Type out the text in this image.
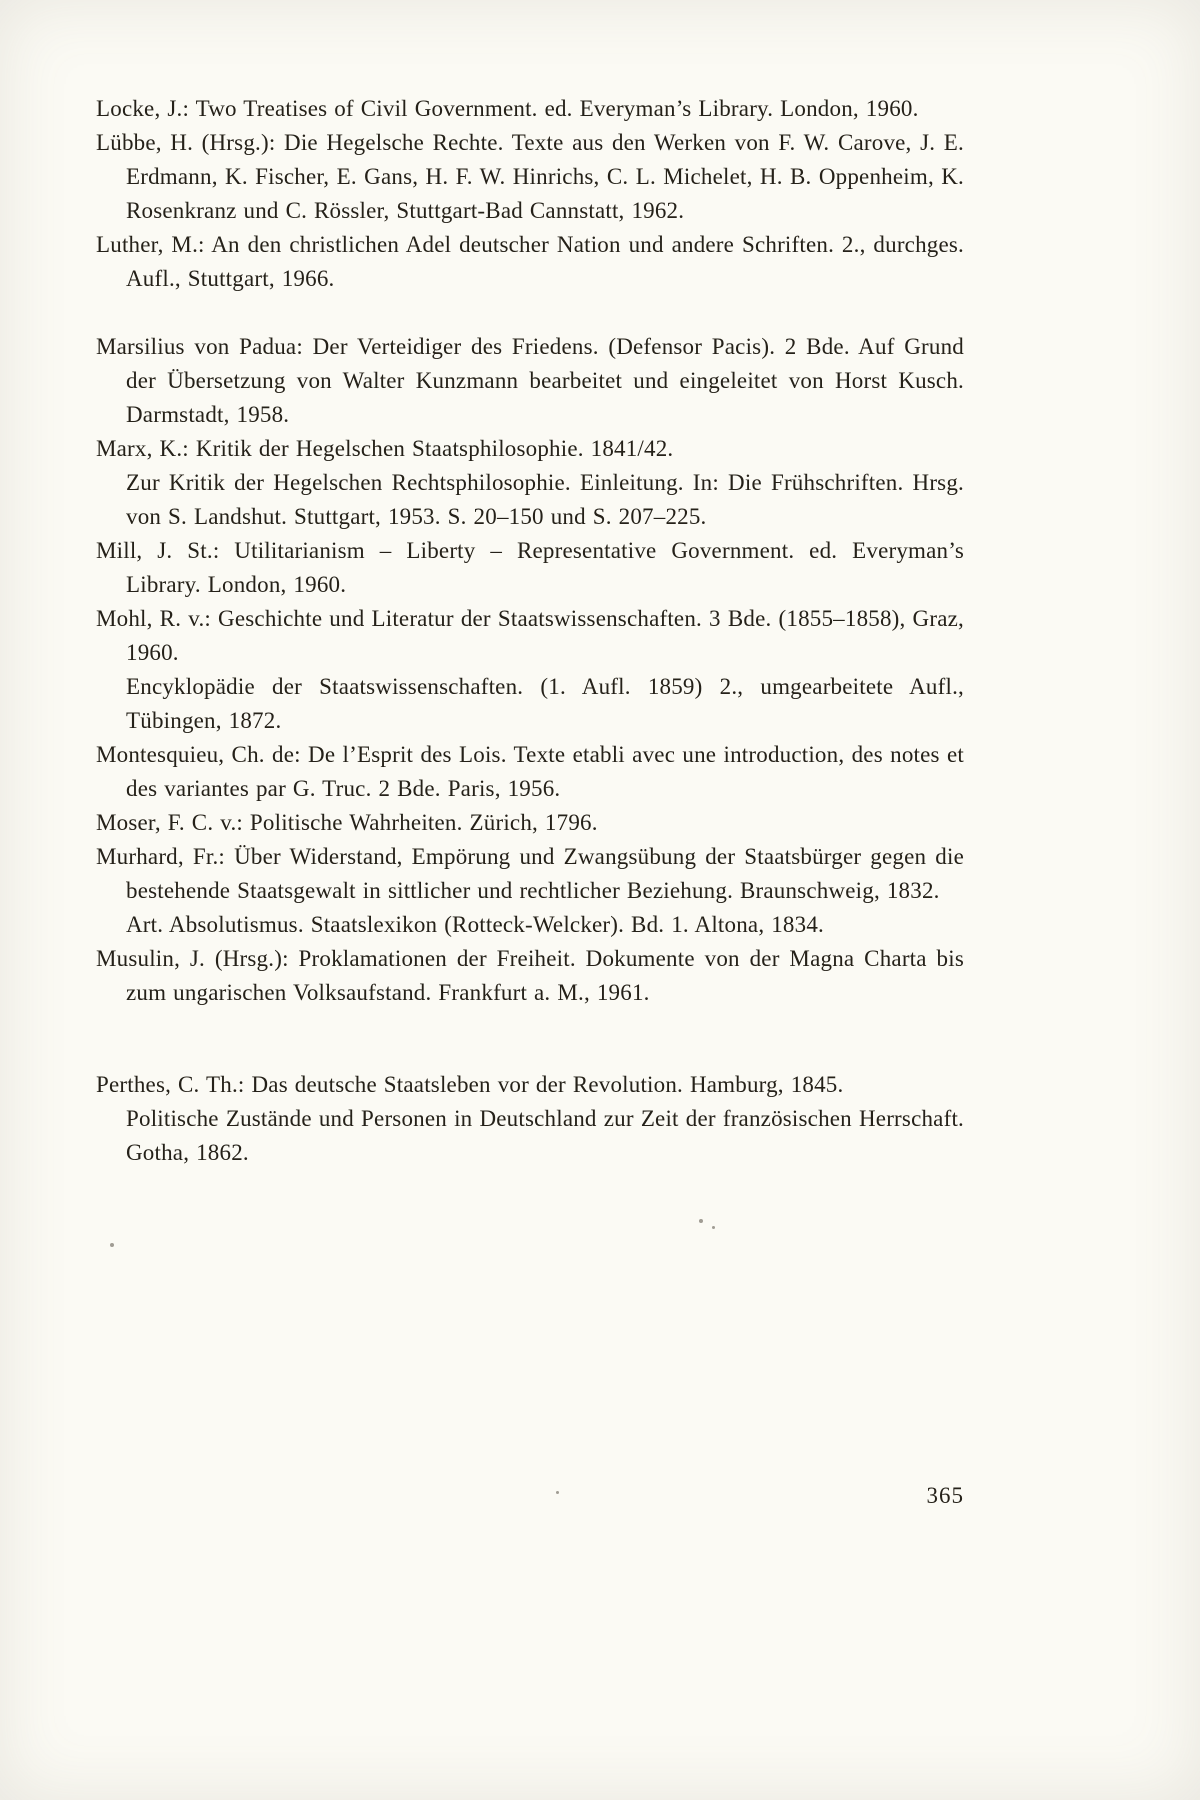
Locke, J.: Two Treatises of Civil Government. ed. Everyman’s Library. London, 1960.

Lübbe, H. (Hrsg.): Die Hegelsche Rechte. Texte aus den Werken von F. W. Carove, J. E. Erdmann, K. Fischer, E. Gans, H. F. W. Hinrichs, C. L. Michelet, H. B. Oppenheim, K. Rosenkranz und C. Rössler, Stuttgart-Bad Cannstatt, 1962.

Luther, M.: An den christlichen Adel deutscher Nation und andere Schriften. 2., durchges. Aufl., Stuttgart, 1966.

Marsilius von Padua: Der Verteidiger des Friedens. (Defensor Pacis). 2 Bde. Auf Grund der Übersetzung von Walter Kunzmann bearbeitet und eingeleitet von Horst Kusch. Darmstadt, 1958.

Marx, K.: Kritik der Hegelschen Staatsphilosophie. 1841/42.

Zur Kritik der Hegelschen Rechtsphilosophie. Einleitung. In: Die Frühschriften. Hrsg. von S. Landshut. Stuttgart, 1953. S. 20–150 und S. 207–225.

Mill, J. St.: Utilitarianism – Liberty – Representative Government. ed. Everyman’s Library. London, 1960.

Mohl, R. v.: Geschichte und Literatur der Staatswissenschaften. 3 Bde. (1855–1858), Graz, 1960.

Encyklopädie der Staatswissenschaften. (1. Aufl. 1859) 2., umgearbeitete Aufl., Tübingen, 1872.

Montesquieu, Ch. de: De l’Esprit des Lois. Texte etabli avec une introduction, des notes et des variantes par G. Truc. 2 Bde. Paris, 1956.

Moser, F. C. v.: Politische Wahrheiten. Zürich, 1796.

Murhard, Fr.: Über Widerstand, Empörung und Zwangsübung der Staatsbürger gegen die bestehende Staatsgewalt in sittlicher und rechtlicher Beziehung. Braunschweig, 1832.

Art. Absolutismus. Staatslexikon (Rotteck-Welcker). Bd. 1. Altona, 1834.

Musulin, J. (Hrsg.): Proklamationen der Freiheit. Dokumente von der Magna Charta bis zum ungarischen Volksaufstand. Frankfurt a. M., 1961.

Perthes, C. Th.: Das deutsche Staatsleben vor der Revolution. Hamburg, 1845.

Politische Zustände und Personen in Deutschland zur Zeit der französischen Herrschaft. Gotha, 1862.

365
